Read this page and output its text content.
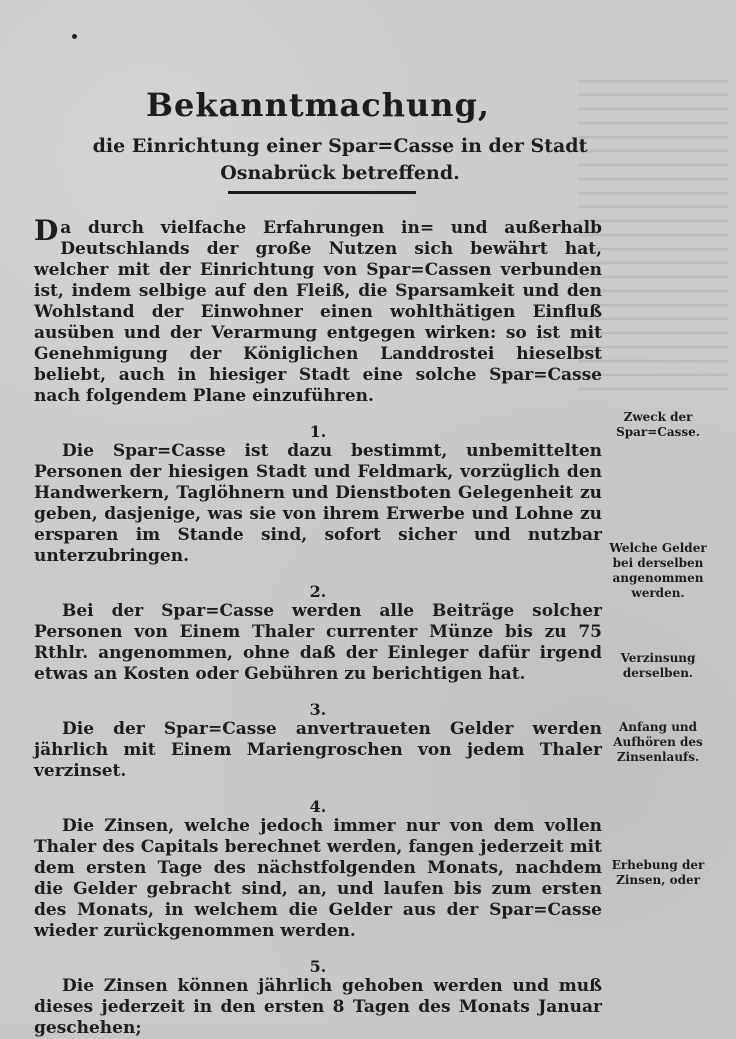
Bekanntmachung,
die Einrichtung einer Spar=Casse in der Stadt Osnabrück betreffend.

Da durch vielfache Erfahrungen in= und außerhalb Deutschlands der große Nutzen sich bewährt hat, welcher mit der Einrichtung von Spar=Cassen verbunden ist, indem selbige auf den Fleiß, die Sparsamkeit und den Wohlstand der Einwohner einen wohlthätigen Einfluß ausüben und der Verarmung entgegen wirken: so ist mit Genehmigung der Königlichen Landdrostei hieselbst beliebt, auch in hiesiger Stadt eine solche Spar=Casse nach folgendem Plane einzuführen.

1.

Die Spar=Casse ist dazu bestimmt, unbemittelten Personen der hiesigen Stadt und Feldmark, vorzüglich den Handwerkern, Taglöhnern und Dienstboten Gelegenheit zu geben, dasjenige, was sie von ihrem Erwerbe und Lohne zu ersparen im Stande sind, sofort sicher und nutzbar unterzubringen.

2.

Bei der Spar=Casse werden alle Beiträge solcher Personen von Einem Thaler currenter Münze bis zu 75 Rthlr. angenommen, ohne daß der Einleger dafür irgend etwas an Kosten oder Gebühren zu berichtigen hat.

3.

Die der Spar=Casse anvertraueten Gelder werden jährlich mit Einem Mariengroschen von jedem Thaler verzinset.

4.

Die Zinsen, welche jedoch immer nur von dem vollen Thaler des Capitals berechnet werden, fangen jederzeit mit dem ersten Tage des nächstfolgenden Monats, nachdem die Gelder gebracht sind, an, und laufen bis zum ersten des Monats, in welchem die Gelder aus der Spar=Casse wieder zurückgenommen werden.

5.

Die Zinsen können jährlich gehoben werden und muß dieses jederzeit in den ersten 8 Tagen des Monats Januar geschehen;

Zweck der Spar=Casse.
Welche Gelder bei derselben angenommen werden.
Verzinsung derselben.
Anfang und Aufhören des Zinsenlaufs.
Erhebung der Zinsen, oder
